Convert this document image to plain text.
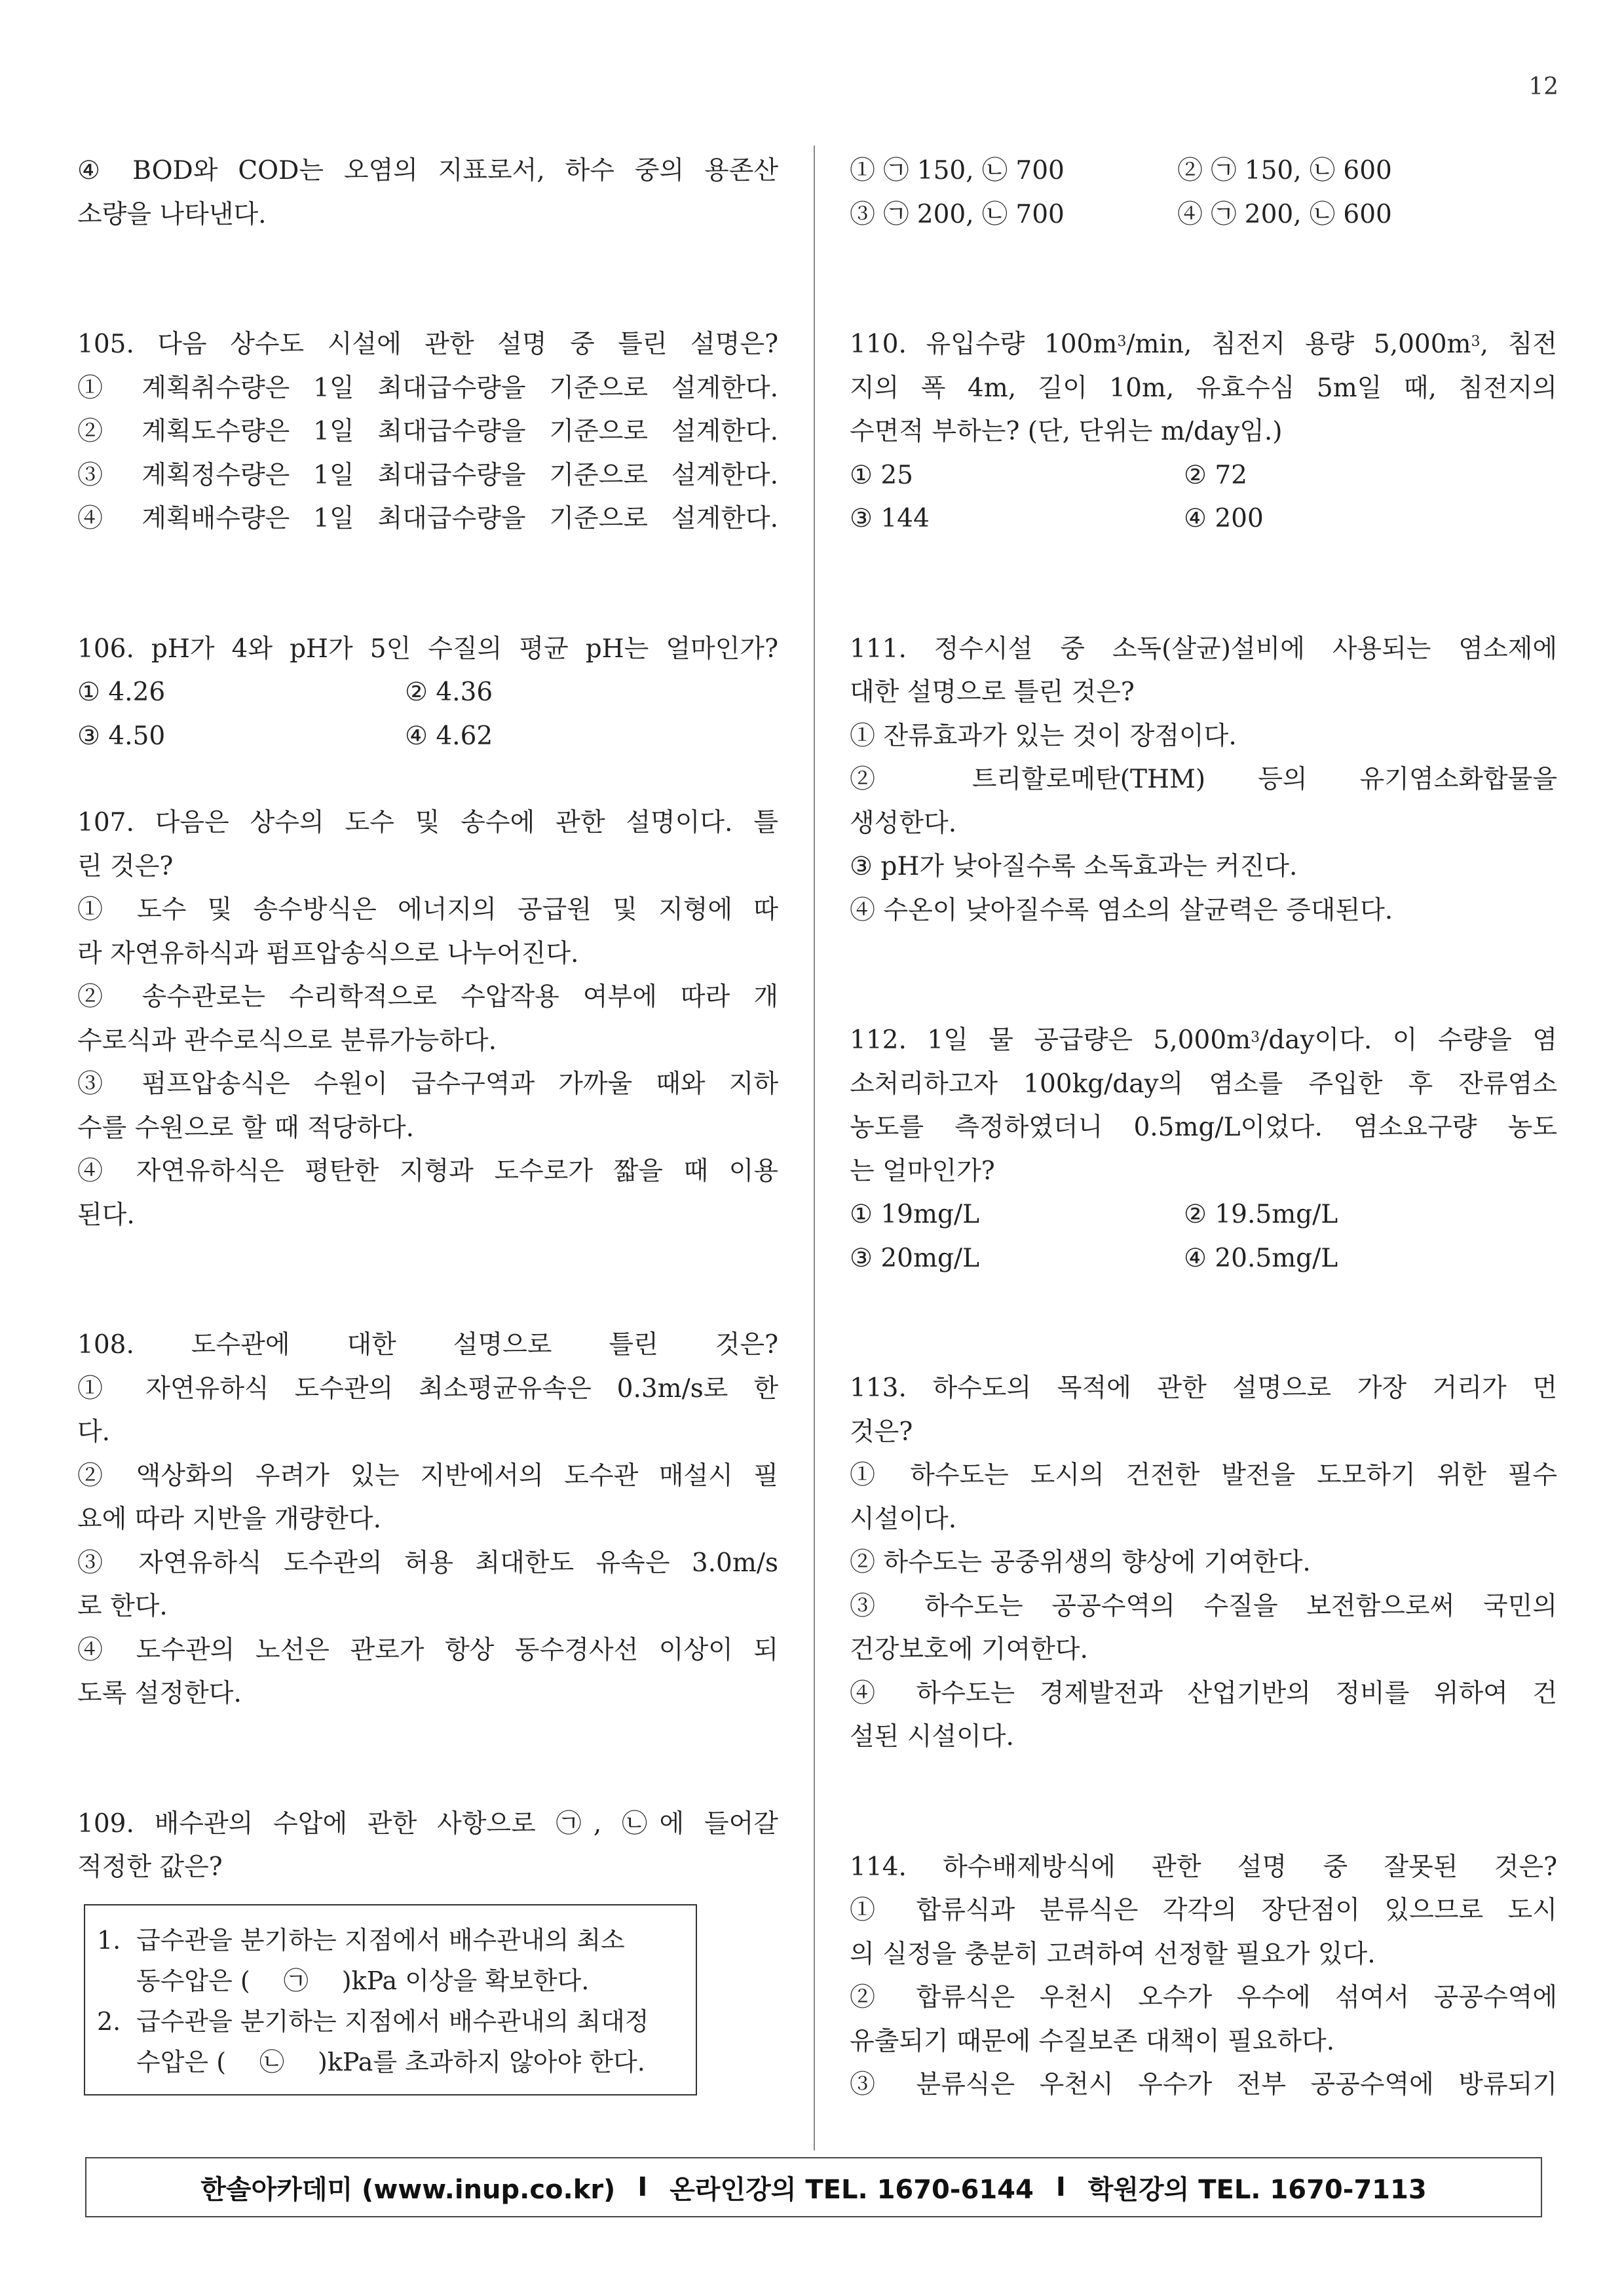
12
④ BOD와 COD는 오염의 지표로서, 하수 중의 용존산
소량을 나타낸다.
105. 다음 상수도 시설에 관한 설명 중 틀린 설명은?
① 계획취수량은 1일 최대급수량을 기준으로 설계한다.
② 계획도수량은 1일 최대급수량을 기준으로 설계한다.
③ 계획정수량은 1일 최대급수량을 기준으로 설계한다.
④ 계획배수량은 1일 최대급수량을 기준으로 설계한다.
106. pH가 4와 pH가 5인 수질의 평균 pH는 얼마인가?
① 4.26	② 4.36
③ 4.50	④ 4.62
107. 다음은 상수의 도수 및 송수에 관한 설명이다. 틀
린 것은?
① 도수 및 송수방식은 에너지의 공급원 및 지형에 따
라 자연유하식과 펌프압송식으로 나누어진다.
② 송수관로는 수리학적으로 수압작용 여부에 따라 개
수로식과 관수로식으로 분류가능하다.
③ 펌프압송식은 수원이 급수구역과 가까울 때와 지하
수를 수원으로 할 때 적당하다.
④ 자연유하식은 평탄한 지형과 도수로가 짧을 때 이용
된다.
108. 도수관에 대한 설명으로 틀린 것은?
① 자연유하식 도수관의 최소평균유속은 0.3m/s로 한
다.
② 액상화의 우려가 있는 지반에서의 도수관 매설시 필
요에 따라 지반을 개량한다.
③ 자연유하식 도수관의 허용 최대한도 유속은 3.0m/s
로 한다.
④ 도수관의 노선은 관로가 항상 동수경사선 이상이 되
도록 설정한다.
109. 배수관의 수압에 관한 사항으로 ㉠, ㉡에 들어갈
적정한 값은?
1. 급수관을 분기하는 지점에서 배수관내의 최소
동수압은 ( ㉠ )kPa 이상을 확보한다.
2. 급수관을 분기하는 지점에서 배수관내의 최대정
수압은 ( ㉡ )kPa를 초과하지 않아야 한다.
① ㉠ 150, ㉡ 700	② ㉠ 150, ㉡ 600
③ ㉠ 200, ㉡ 700	④ ㉠ 200, ㉡ 600
110. 유입수량 $100m^3/\min$, 침전지 용량 $5,000m^3$, 침전
지의 폭 4m, 길이 10m, 유효수심 5m일 때, 침전지의
수면적 부하는? (단, 단위는 m/day임.)
① 25	② 72
③ 144	④ 200
111. 정수시설 중 소독(살균)설비에 사용되는 염소제에
대한 설명으로 틀린 것은?
① 잔류효과가 있는 것이 장점이다.
② 트리할로메탄(THM) 등의 유기염소화합물을
생성한다.
③ pH가 낮아질수록 소독효과는 커진다.
④ 수온이 낮아질수록 염소의 살균력은 증대된다.
112. 1일 물 공급량은 $5,000m^3$/day이다. 이 수량을 염
소처리하고자 100kg/day의 염소를 주입한 후 잔류염소
농도를 측정하였더니 0.5mg/L이었다. 염소요구량 농도
는 얼마인가?
① 19mg/L	② 19.5mg/L
③ 20mg/L	④ 20.5mg/L
113. 하수도의 목적에 관한 설명으로 가장 거리가 먼
것은?
① 하수도는 도시의 건전한 발전을 도모하기 위한 필수
시설이다.
② 하수도는 공중위생의 향상에 기여한다.
③ 하수도는 공공수역의 수질을 보전함으로써 국민의
건강보호에 기여한다.
④ 하수도는 경제발전과 산업기반의 정비를 위하여 건
설된 시설이다.
114. 하수배제방식에 관한 설명 중 잘못된 것은?
① 합류식과 분류식은 각각의 장단점이 있으므로 도시
의 실정을 충분히 고려하여 선정할 필요가 있다.
② 합류식은 우천시 오수가 우수에 섞여서 공공수역에
유출되기 때문에 수질보존 대책이 필요하다.
③ 분류식은 우천시 우수가 전부 공공수역에 방류되기
한솔아카데미 (www.inup.co.kr) I 온라인강의 TEL. 1670-6144 I 학원강의 TEL. 1670-7113
